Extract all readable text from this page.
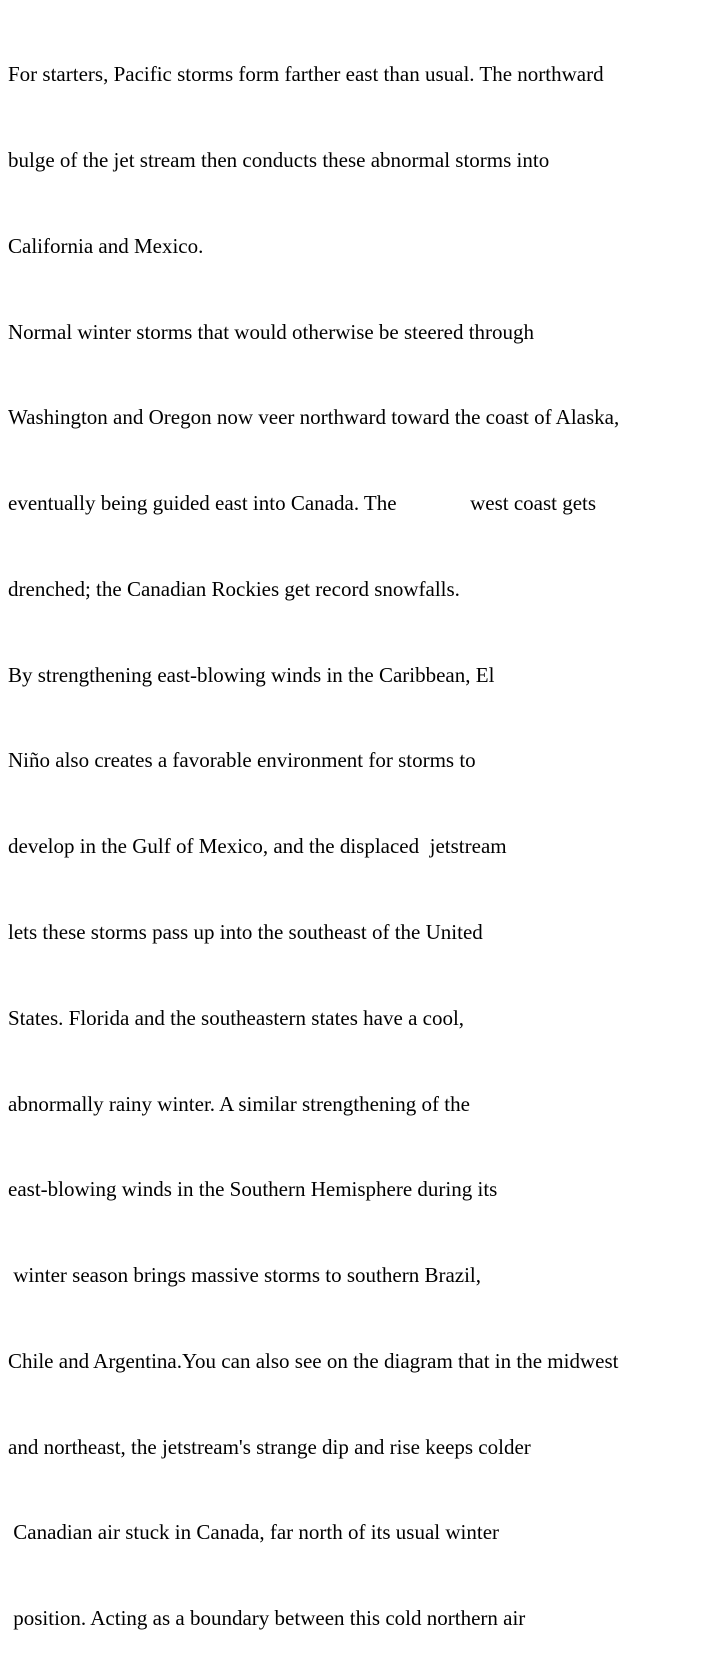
For starters, Pacific storms form farther east than usual. The northward

bulge of the jet stream then conducts these abnormal storms into

California and Mexico.

Normal winter storms that would otherwise be steered through

Washington and Oregon now veer northward toward the coast of Alaska,

eventually being guided east into Canada. The              west coast gets

drenched; the Canadian Rockies get record snowfalls.

By strengthening east-blowing winds in the Caribbean, El

Niño also creates a favorable environment for storms to

develop in the Gulf of Mexico, and the displaced  jetstream

lets these storms pass up into the southeast of the United

States. Florida and the southeastern states have a cool,

abnormally rainy winter. A similar strengthening of the

east-blowing winds in the Southern Hemisphere during its

winter season brings massive storms to southern Brazil,

Chile and Argentina.You can also see on the diagram that in the midwest

and northeast, the jetstream's strange dip and rise keeps colder

Canadian air stuck in Canada, far north of its usual winter

position. Acting as a boundary between this cold northern air
